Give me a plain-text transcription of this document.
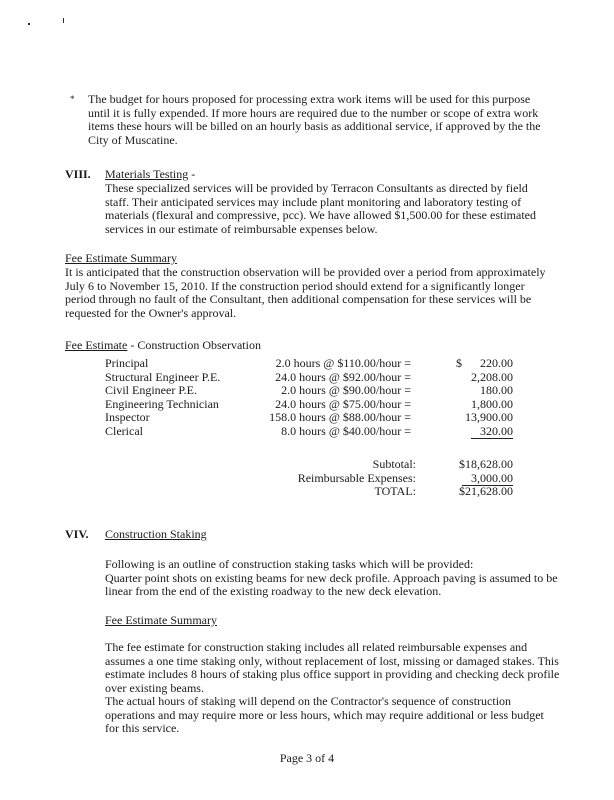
*	The budget for hours proposed for processing extra work items will be used for this purpose until it is fully expended. If more hours are required due to the number or scope of extra work items these hours will be billed on an hourly basis as additional service, if approved by the the City of Muscatine.
VIII. Materials Testing -
These specialized services will be provided by Terracon Consultants as directed by field staff. Their anticipated services may include plant monitoring and laboratory testing of materials (flexural and compressive, pcc). We have allowed $1,500.00 for these estimated services in our estimate of reimbursable expenses below.
Fee Estimate Summary
It is anticipated that the construction observation will be provided over a period from approximately July 6 to November 15, 2010. If the construction period should extend for a significantly longer period through no fault of the Consultant, then additional compensation for these services will be requested for the Owner's approval.
Fee Estimate - Construction Observation
Principal	2.0 hours @ $110.00/hour =	$      220.00
Structural Engineer P.E.	24.0 hours @ $92.00/hour =	2,208.00
Civil Engineer P.E.	2.0 hours @ $90.00/hour =	180.00
Engineering Technician	24.0 hours @ $75.00/hour =	1,800.00
Inspector	158.0 hours @ $88.00/hour =	13,900.00
Clerical	8.0 hours @ $40.00/hour =	320.00
Subtotal:	$18,628.00
Reimbursable Expenses:	3,000.00
TOTAL:	$21,628.00
VIV. Construction Staking
Following is an outline of construction staking tasks which will be provided:
Quarter point shots on existing beams for new deck profile. Approach paving is assumed to be linear from the end of the existing roadway to the new deck elevation.
Fee Estimate Summary
The fee estimate for construction staking includes all related reimbursable expenses and assumes a one time staking only, without replacement of lost, missing or damaged stakes. This estimate includes 8 hours of staking plus office support in providing and checking deck profile over existing beams.
The actual hours of staking will depend on the Contractor's sequence of construction operations and may require more or less hours, which may require additional or less budget for this service.
Page 3 of 4
